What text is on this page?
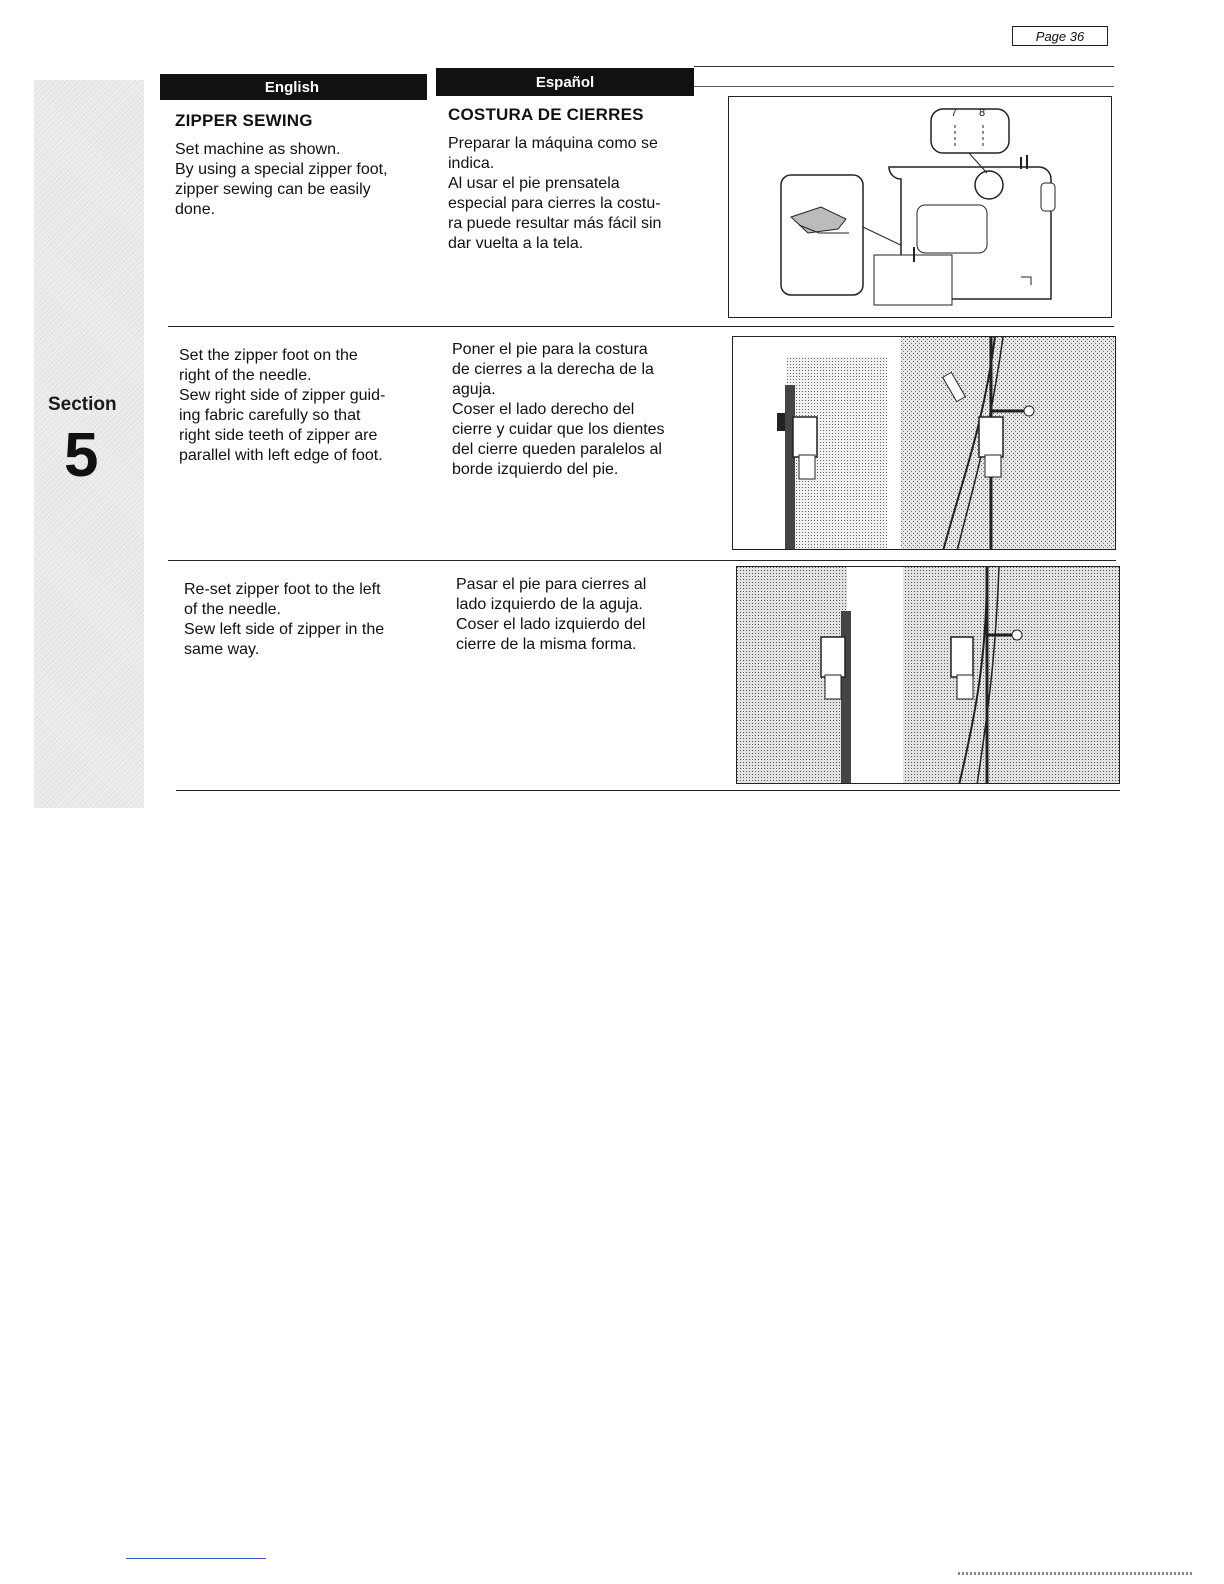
Page 36
Section
5
English	Español
ZIPPER SEWING
Set machine as shown.
By using a special zipper foot,
zipper sewing can be easily
done.
COSTURA DE CIERRES
Preparar la máquina como se
indica.
Al usar el pie prensatela
especial para cierres la costu-
ra puede resultar más fácil sin
dar vuelta a la tela.
7 8
Set the zipper foot on the
right of the needle.
Sew right side of zipper guid-
ing fabric carefully so that
right side teeth of zipper are
parallel with left edge of foot.
Poner el pie para la costura
de cierres a la derecha de la
aguja.
Coser el lado derecho del
cierre y cuidar que los dientes
del cierre queden paralelos al
borde izquierdo del pie.
Re-set zipper foot to the left
of the needle.
Sew left side of zipper in the
same way.
Pasar el pie para cierres al
lado izquierdo de la aguja.
Coser el lado izquierdo del
cierre de la misma forma.
